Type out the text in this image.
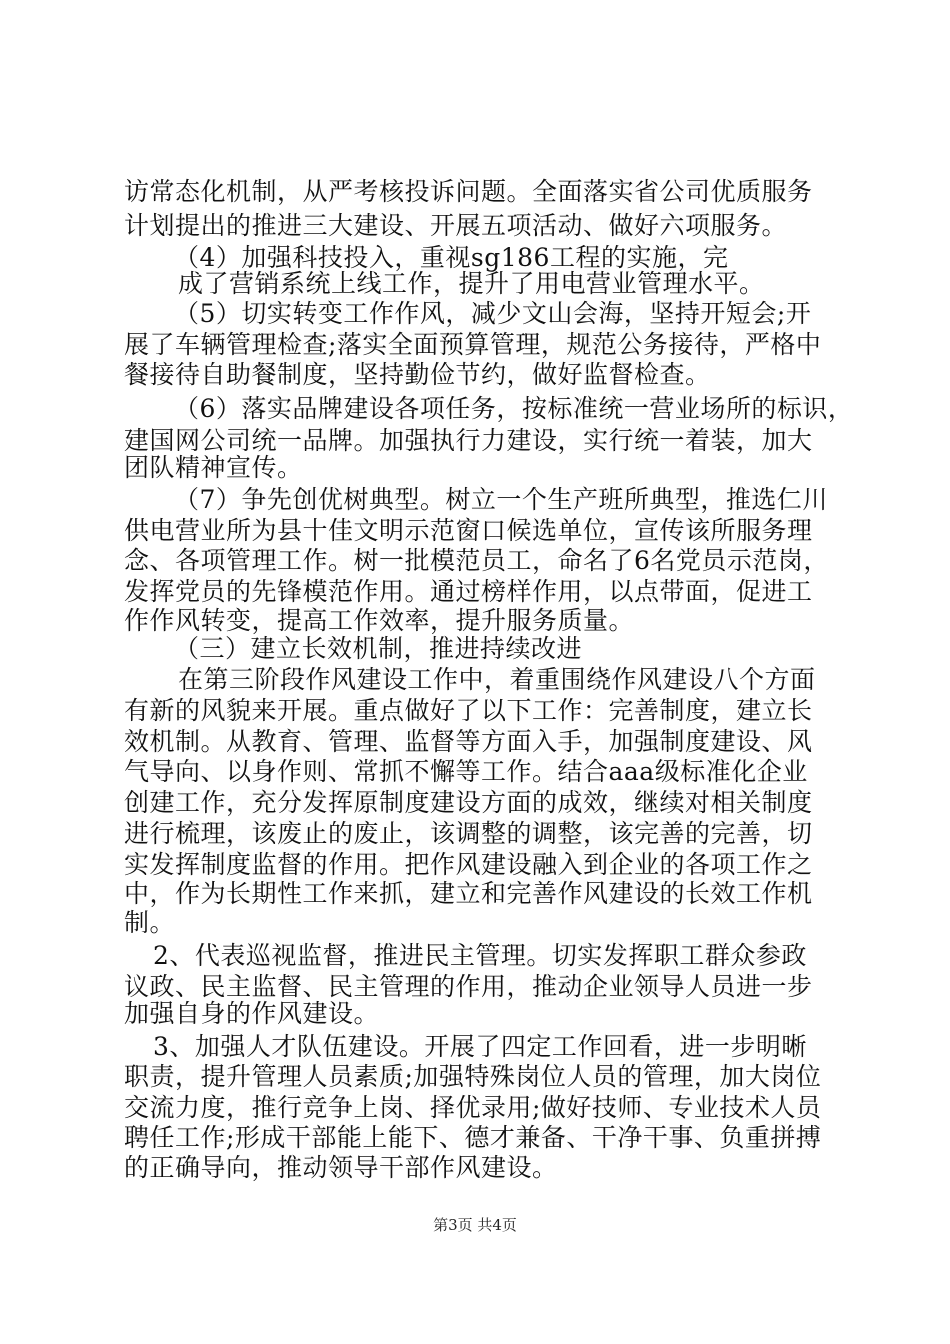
访常态化机制，从严考核投诉问题。全面落实省公司优质服务
计划提出的推进三大建设、开展五项活动、做好六项服务。
（4）加强科技投入，重视sg186工程的实施，完
成了营销系统上线工作，提升了用电营业管理水平。
（5）切实转变工作作风，减少文山会海，坚持开短会;开
展了车辆管理检查;落实全面预算管理，规范公务接待，严格中
餐接待自助餐制度，坚持勤俭节约，做好监督检查。
（6）落实品牌建设各项任务，按标准统一营业场所的标识，
建国网公司统一品牌。加强执行力建设，实行统一着装，加大
团队精神宣传。
（7）争先创优树典型。树立一个生产班所典型，推选仁川
供电营业所为县十佳文明示范窗口候选单位，宣传该所服务理
念、各项管理工作。树一批模范员工，命名了6名党员示范岗，
发挥党员的先锋模范作用。通过榜样作用，以点带面，促进工
作作风转变，提高工作效率，提升服务质量。
（三）建立长效机制，推进持续改进
在第三阶段作风建设工作中，着重围绕作风建设八个方面
有新的风貌来开展。重点做好了以下工作：完善制度，建立长
效机制。从教育、管理、监督等方面入手，加强制度建设、风
气导向、以身作则、常抓不懈等工作。结合aaa级标准化企业
创建工作，充分发挥原制度建设方面的成效，继续对相关制度
进行梳理，该废止的废止，该调整的调整，该完善的完善，切
实发挥制度监督的作用。把作风建设融入到企业的各项工作之
中，作为长期性工作来抓，建立和完善作风建设的长效工作机
制。
2、代表巡视监督，推进民主管理。切实发挥职工群众参政
议政、民主监督、民主管理的作用，推动企业领导人员进一步
加强自身的作风建设。
3、加强人才队伍建设。开展了四定工作回看，进一步明晰
职责，提升管理人员素质;加强特殊岗位人员的管理，加大岗位
交流力度，推行竞争上岗、择优录用;做好技师、专业技术人员
聘任工作;形成干部能上能下、德才兼备、干净干事、负重拼搏
的正确导向，推动领导干部作风建设。
第3页 共4页
